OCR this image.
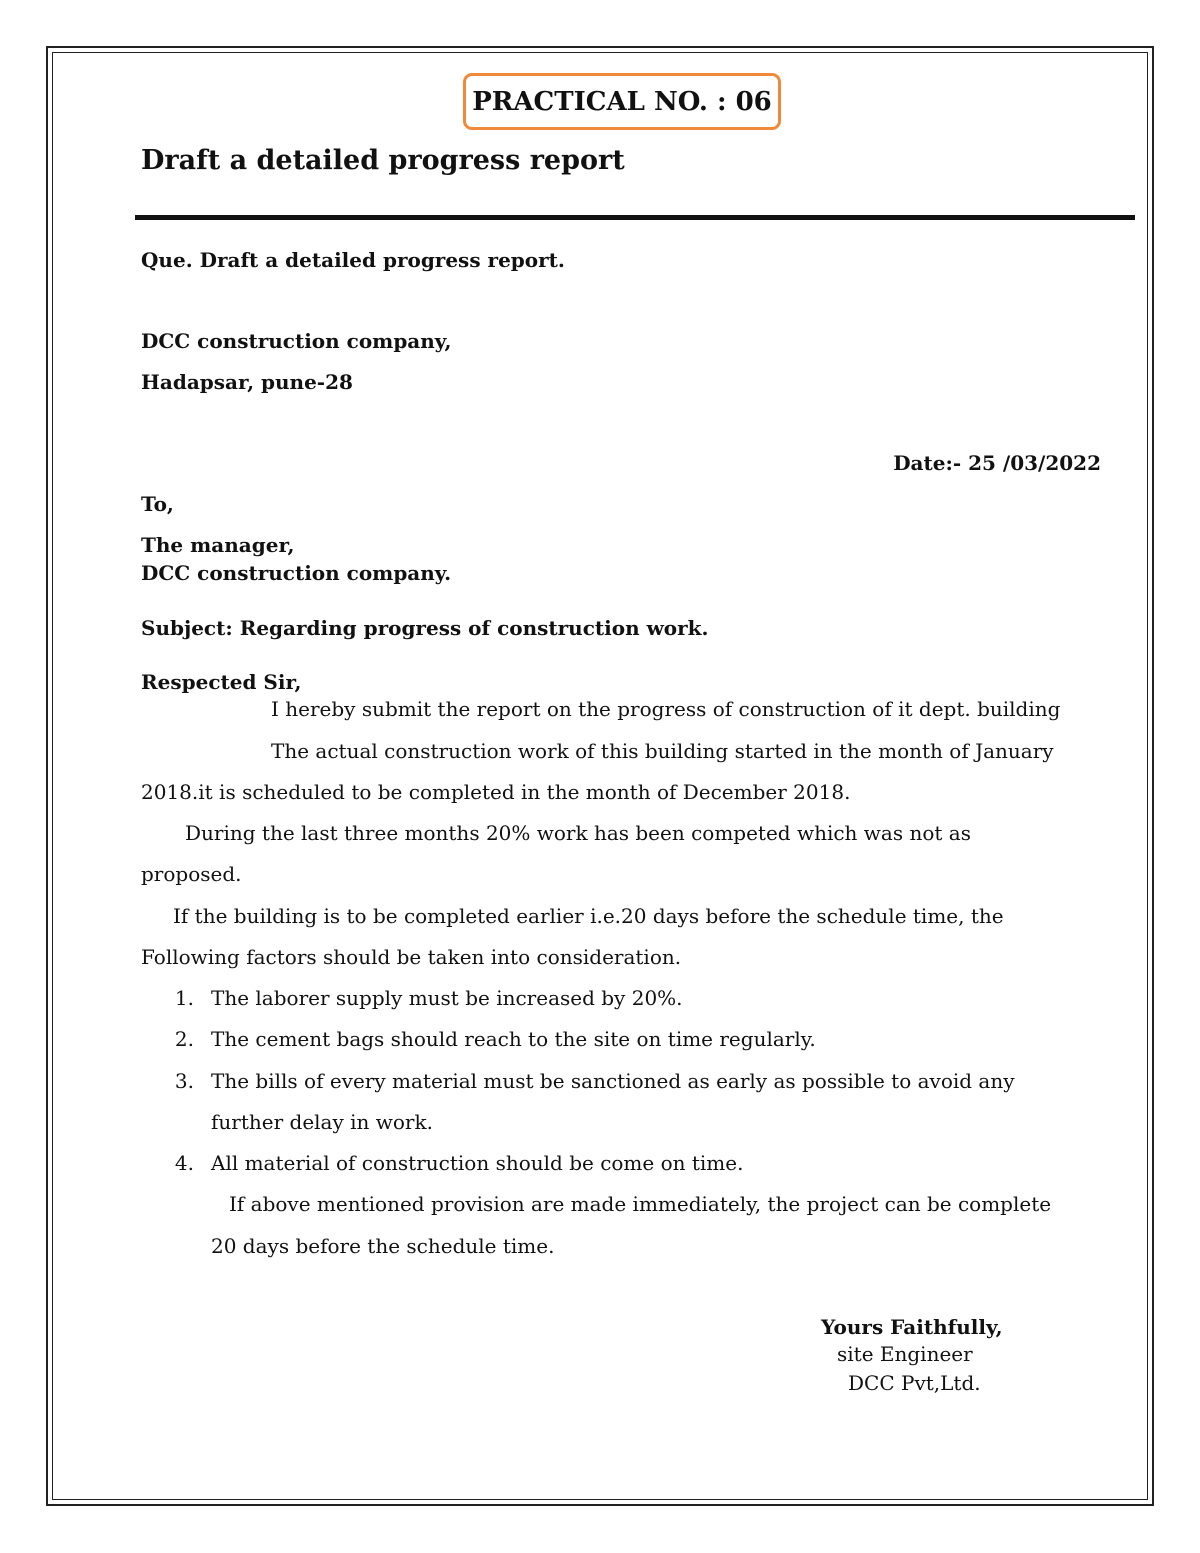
PRACTICAL NO. : 06
Draft a detailed progress report
Que. Draft a detailed progress report.
DCC construction company,
Hadapsar, pune-28
Date:- 25 /03/2022
To,
The manager,
DCC construction company.
Subject: Regarding progress of construction work.
Respected Sir,
I hereby submit the report on the progress of construction of it dept. building
The actual construction work of this building started in the month of January
2018.it is scheduled to be completed in the month of December 2018.
During the last three months 20% work has been competed which was not as
proposed.
If the building is to be completed earlier i.e.20 days before the schedule time, the
Following factors should be taken into consideration.
1. The laborer supply must be increased by 20%.
2. The cement bags should reach to the site on time regularly.
3. The bills of every material must be sanctioned as early as possible to avoid any
further delay in work.
4. All material of construction should be come on time.
If above mentioned provision are made immediately, the project can be complete
20 days before the schedule time.
Yours Faithfully,
site Engineer
DCC Pvt,Ltd.
